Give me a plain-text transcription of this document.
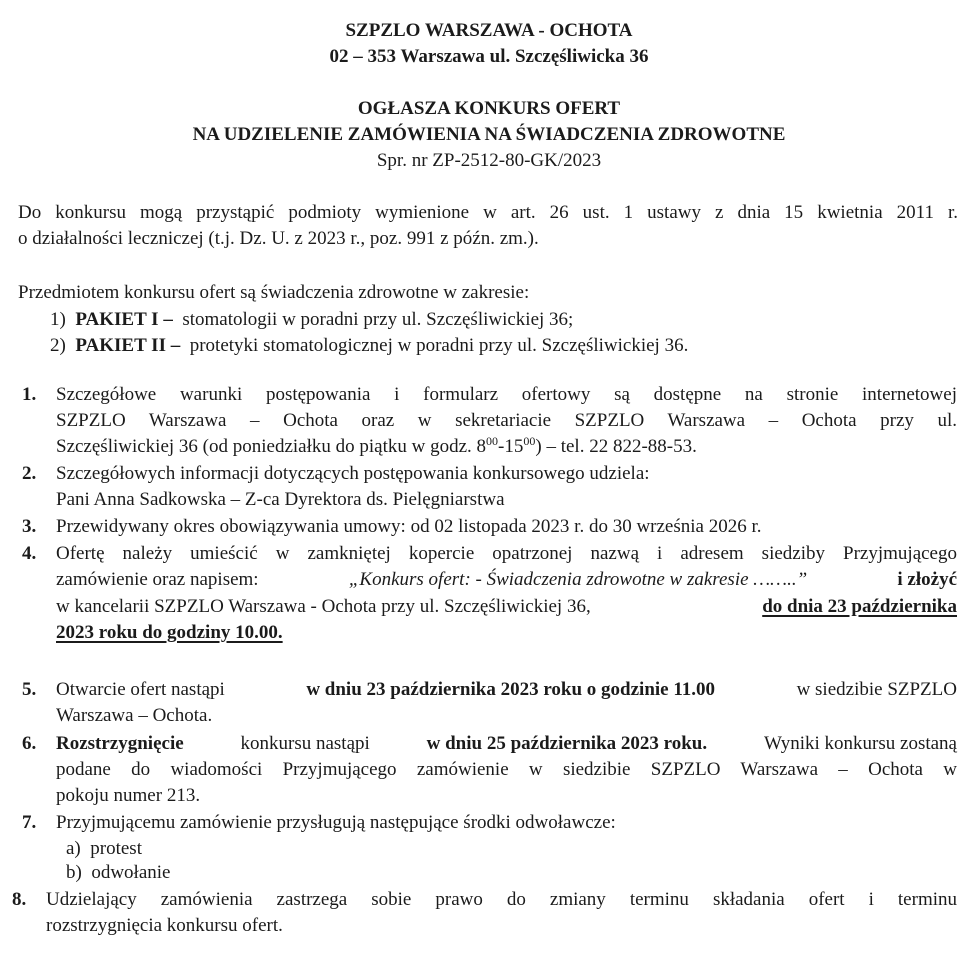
SZPZLO WARSZAWA - OCHOTA
02 – 353 Warszawa ul. Szczęśliwicka 36
OGŁASZA KONKURS OFERT
NA UDZIELENIE ZAMÓWIENIA NA ŚWIADCZENIA ZDROWOTNE
Spr. nr ZP-2512-80-GK/2023
Do konkursu mogą przystąpić podmioty wymienione w art. 26 ust. 1 ustawy z dnia 15 kwietnia 2011 r.
o działalności leczniczej (t.j. Dz. U. z 2023 r., poz. 991 z późn. zm.).
Przedmiotem konkursu ofert są świadczenia zdrowotne w zakresie:
1) PAKIET I – stomatologii w poradni przy ul. Szczęśliwickiej 36;
2) PAKIET II – protetyki stomatologicznej w poradni przy ul. Szczęśliwickiej 36.
1. Szczegółowe warunki postępowania i formularz ofertowy są dostępne na stronie internetowej
SZPZLO Warszawa – Ochota oraz w sekretariacie SZPZLO Warszawa – Ochota przy ul.
Szczęśliwickiej 36 (od poniedziałku do piątku w godz. $8^{00}-15^{00}$) – tel. 22 822-88-53.
2. Szczegółowych informacji dotyczących postępowania konkursowego udziela:
Pani Anna Sadkowska – Z-ca Dyrektora ds. Pielęgniarstwa
3. Przewidywany okres obowiązywania umowy: od 02 listopada 2023 r. do 30 września 2026 r.
4. Ofertę należy umieścić w zamkniętej kopercie opatrzonej nazwą i adresem siedziby Przyjmującego
zamówienie oraz napisem:	„Konkurs ofert: - Świadczenia zdrowotne w zakresie ……..”	i złożyć
w kancelarii SZPZLO Warszawa - Ochota przy ul. Szczęśliwickiej 36,	do dnia 23 października
2023 roku do godziny 10.00.
5. Otwarcie ofert nastąpi	w dniu 23 października 2023 roku o godzinie 11.00	w siedzibie SZPZLO
Warszawa – Ochota.
6. Rozstrzygnięcie	konkursu nastąpi	w dniu 25 października 2023 roku.	Wyniki konkursu zostaną
podane do wiadomości Przyjmującego zamówienie w siedzibie SZPZLO Warszawa – Ochota w
pokoju numer 213.
7. Przyjmującemu zamówienie przysługują następujące środki odwoławcze:
a) protest
b) odwołanie
8. Udzielający zamówienia zastrzega sobie prawo do zmiany terminu składania ofert i terminu
rozstrzygnięcia konkursu ofert.
